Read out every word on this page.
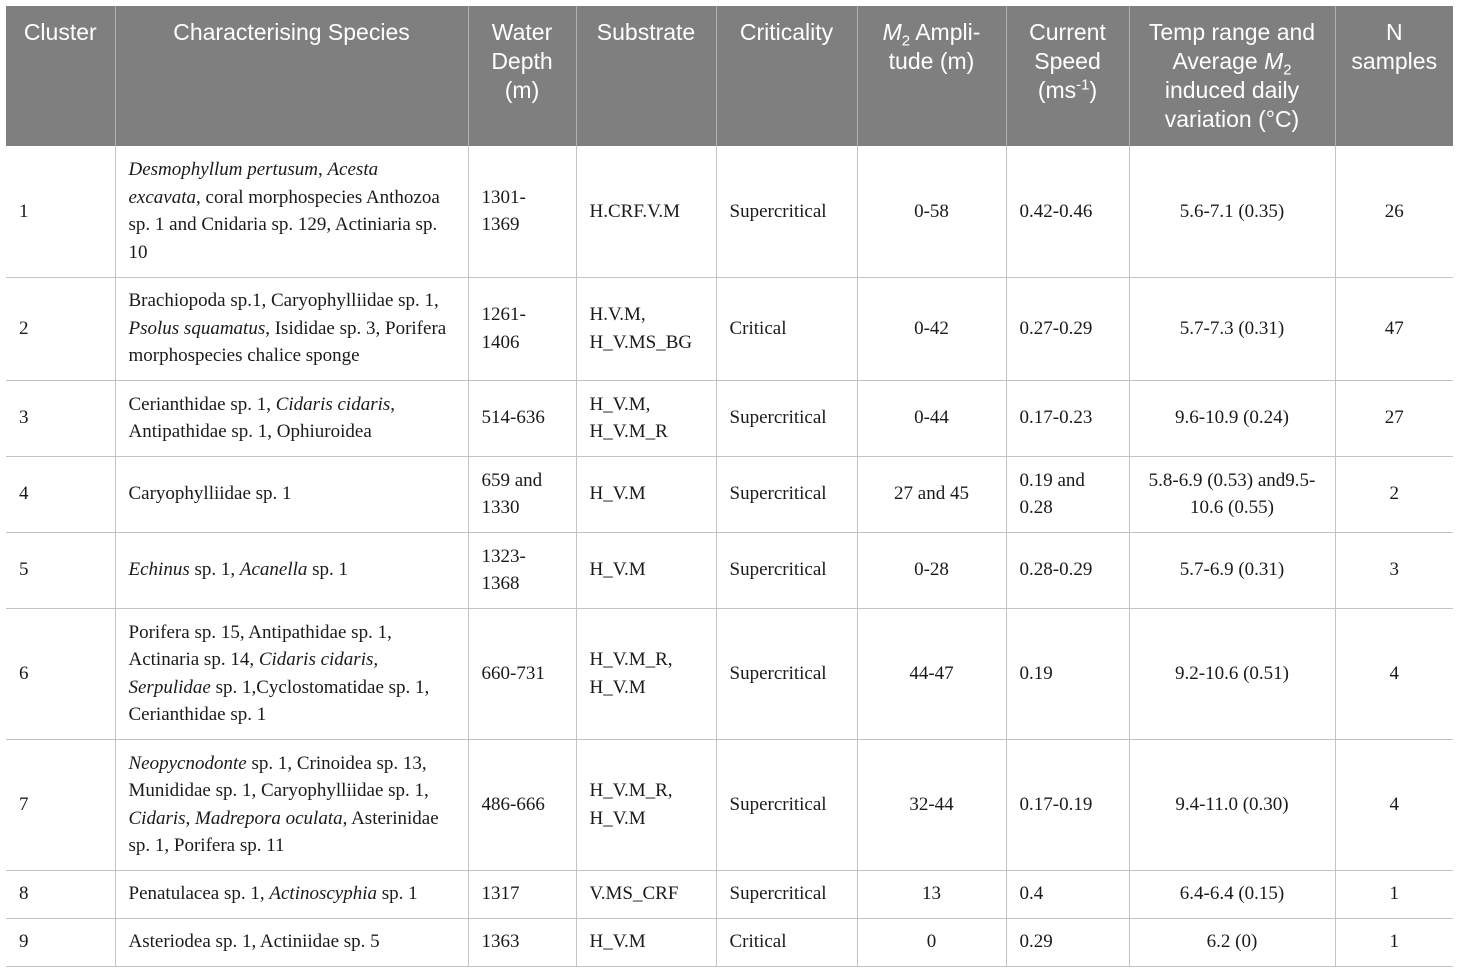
Cluster	Characterising Species	Water Depth (m)	Substrate	Criticality	$M_2$ Ampli-tude (m)	Current Speed $(ms^{-1})$	Temp range and Average $M_2$ induced daily variation (°C)	N samples
1	Desmophyllum pertusum, Acesta excavata, coral morphospecies Anthozoa sp. 1 and Cnidaria sp. 129, Actiniaria sp. 10	1301-1369	H.CRF.V.M	Supercritical	0-58	0.42-0.46	5.6-7.1 (0.35)	26
2	Brachiopoda sp.1, Caryophylliidae sp. 1, Psolus squamatus, Isididae sp. 3, Porifera morphospecies chalice sponge	1261-1406	H.V.M, H_V.MS_BG	Critical	0-42	0.27-0.29	5.7-7.3 (0.31)	47
3	Cerianthidae sp. 1, Cidaris cidaris, Antipathidae sp. 1, Ophiuroidea	514-636	H_V.M, H_V.M_R	Supercritical	0-44	0.17-0.23	9.6-10.9 (0.24)	27
4	Caryophylliidae sp. 1	659 and 1330	H_V.M	Supercritical	27 and 45	0.19 and 0.28	5.8-6.9 (0.53) and9.5-10.6 (0.55)	2
5	Echinus sp. 1, Acanella sp. 1	1323-1368	H_V.M	Supercritical	0-28	0.28-0.29	5.7-6.9 (0.31)	3
6	Porifera sp. 15, Antipathidae sp. 1, Actinaria sp. 14, Cidaris cidaris, Serpulidae sp. 1,Cyclostomatidae sp. 1, Cerianthidae sp. 1	660-731	H_V.M_R, H_V.M	Supercritical	44-47	0.19	9.2-10.6 (0.51)	4
7	Neopycnodonte sp. 1, Crinoidea sp. 13, Munididae sp. 1, Caryophylliidae sp. 1, Cidaris, Madrepora oculata, Asterinidae sp. 1, Porifera sp. 11	486-666	H_V.M_R, H_V.M	Supercritical	32-44	0.17-0.19	9.4-11.0 (0.30)	4
8	Penatulacea sp. 1, Actinoscyphia sp. 1	1317	V.MS_CRF	Supercritical	13	0.4	6.4-6.4 (0.15)	1
9	Asteriodea sp. 1, Actiniidae sp. 5	1363	H_V.M	Critical	0	0.29	6.2 (0)	1
